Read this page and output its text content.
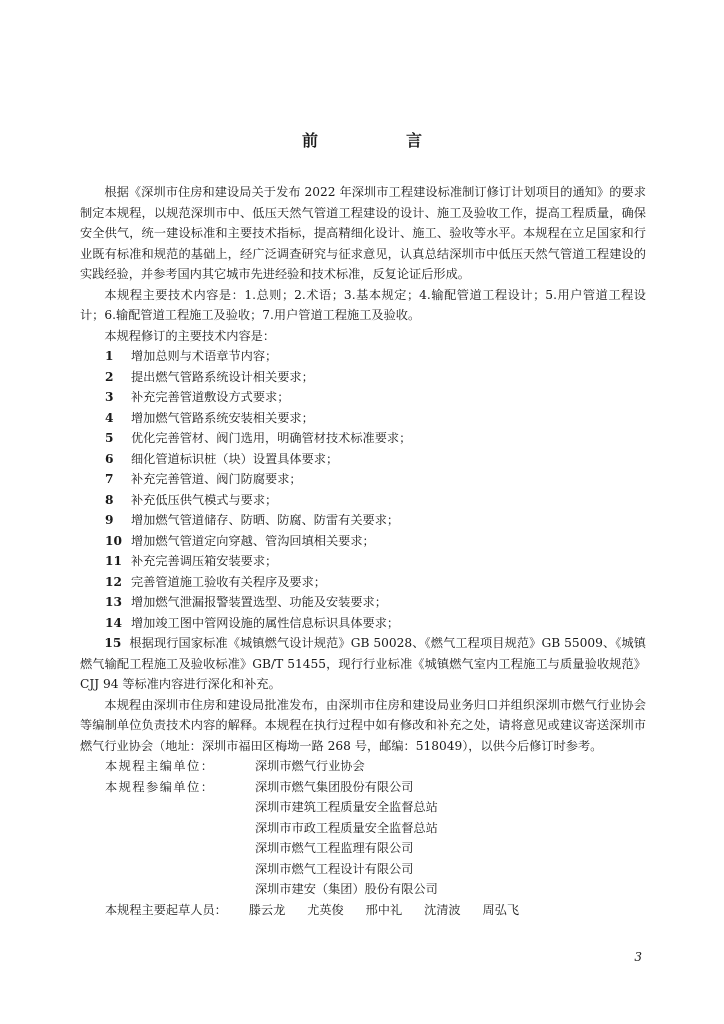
前　言

根据《深圳市住房和建设局关于发布 2022 年深圳市工程建设标准制订修订计划项目的通知》的要求制定本规程，以规范深圳市中、低压天然气管道工程建设的设计、施工及验收工作，提高工程质量，确保安全供气，统一建设标准和主要技术指标，提高精细化设计、施工、验收等水平。本规程在立足国家和行业既有标准和规范的基础上，经广泛调查研究与征求意见，认真总结深圳市中低压天然气管道工程建设的实践经验，并参考国内其它城市先进经验和技术标准，反复论证后形成。

本规程主要技术内容是：1.总则；2.术语；3.基本规定；4.输配管道工程设计；5.用户管道工程设计；6.输配管道工程施工及验收；7.用户管道工程施工及验收。

本规程修订的主要技术内容是：

1	增加总则与术语章节内容；
2	提出燃气管路系统设计相关要求；
3	补充完善管道敷设方式要求；
4	增加燃气管路系统安装相关要求；
5	优化完善管材、阀门选用，明确管材技术标准要求；
6	细化管道标识桩（块）设置具体要求；
7	补充完善管道、阀门防腐要求；
8	补充低压供气模式与要求；
9	增加燃气管道储存、防晒、防腐、防雷有关要求；
10 增加燃气管道定向穿越、管沟回填相关要求；
11 补充完善调压箱安装要求；
12 完善管道施工验收有关程序及要求；
13 增加燃气泄漏报警装置选型、功能及安装要求；
14 增加竣工图中管网设施的属性信息标识具体要求；

15 根据现行国家标准《城镇燃气设计规范》GB 50028、《燃气工程项目规范》GB 55009、《城镇燃气输配工程施工及验收标准》GB/T 51455，现行行业标准《城镇燃气室内工程施工与质量验收规范》CJJ 94 等标准内容进行深化和补充。

本规程由深圳市住房和建设局批准发布，由深圳市住房和建设局业务归口并组织深圳市燃气行业协会等编制单位负责技术内容的解释。本规程在执行过程中如有修改和补充之处，请将意见或建议寄送深圳市燃气行业协会（地址：深圳市福田区梅坳一路 268 号，邮编：518049），以供今后修订时参考。

本规程主编单位：	深圳市燃气行业协会
本规程参编单位：	深圳市燃气集团股份有限公司
深圳市建筑工程质量安全监督总站
深圳市市政工程质量安全监督总站
深圳市燃气工程监理有限公司
深圳市燃气工程设计有限公司
深圳市建安（集团）股份有限公司
本规程主要起草人员： 滕云龙 尤英俊 邢中礼 沈清波 周弘飞
3
